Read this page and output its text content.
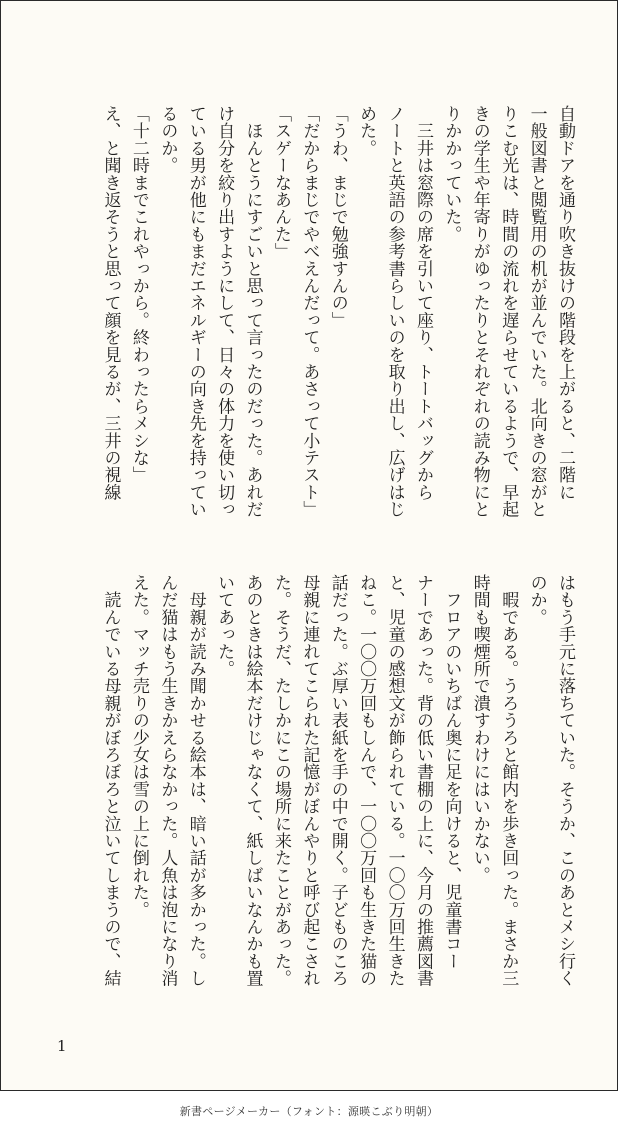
自動ドアを通り吹き抜けの階段を上がると、二階に
一般図書と閲覧用の机が並んでいた。北向きの窓がと
りこむ光は、時間の流れを遅らせているようで、早起
きの学生や年寄りがゆったりとそれぞれの読み物にと
りかかっていた。
　三井は窓際の席を引いて座り、トートバッグから
ノートと英語の参考書らしいのを取り出し、広げはじ
めた。
「うわ、まじで勉強すんの」
「だからまじでやべえんだって。あさって小テスト」
「スゲーなあんた」
　ほんとうにすごいと思って言ったのだった。あれだ
け自分を絞り出すようにして、日々の体力を使い切っ
ている男が他にもまだエネルギーの向き先を持ってい
るのか。
「十二時までこれやっから。終わったらメシな」
え、と聞き返そうと思って顔を見るが、三井の視線
はもう手元に落ちていた。そうか、このあとメシ行く
のか。
　暇である。うろうろと館内を歩き回った。まさか三
時間も喫煙所で潰すわけにはいかない。
　フロアのいちばん奥に足を向けると、児童書コー
ナーであった。背の低い書棚の上に、今月の推薦図書
と、児童の感想文が飾られている。一〇〇万回生きた
ねこ。一〇〇万回もしんで、一〇〇万回も生きた猫の
話だった。ぶ厚い表紙を手の中で開く。子どものころ
母親に連れてこられた記憶がぼんやりと呼び起こされ
た。そうだ、たしかにこの場所に来たことがあった。
あのときは絵本だけじゃなくて、紙しばいなんかも置
いてあった。
　母親が読み聞かせる絵本は、暗い話が多かった。し
んだ猫はもう生きかえらなかった。人魚は泡になり消
えた。マッチ売りの少女は雪の上に倒れた。
　読んでいる母親がぼろぼろと泣いてしまうので、結
1
新書ページメーカー（フォント：源暎こぶり明朝）
